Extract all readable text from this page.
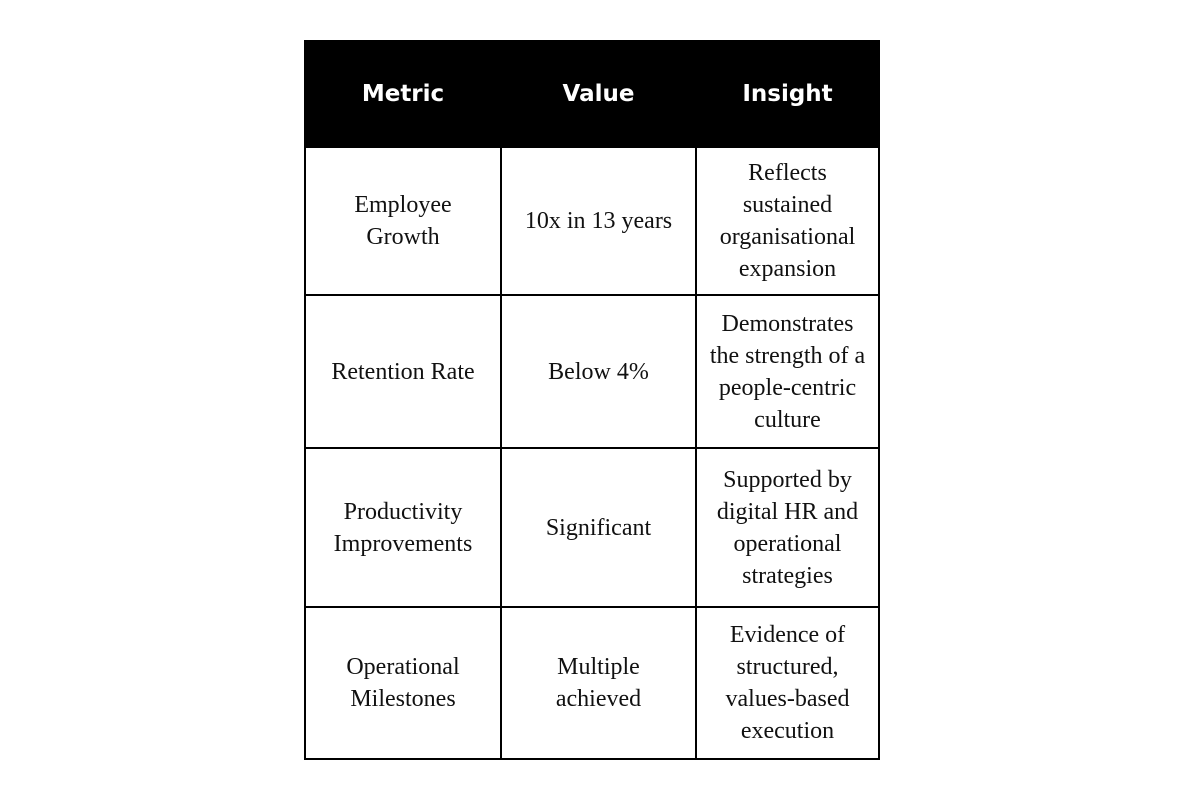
Metric	Value	Insight
Employee Growth	10x in 13 years	Reflects sustained organisational expansion
Retention Rate	Below 4%	Demonstrates the strength of a people-centric culture
Productivity Improvements	Significant	Supported by digital HR and operational strategies
Operational Milestones	Multiple achieved	Evidence of structured, values-based execution
